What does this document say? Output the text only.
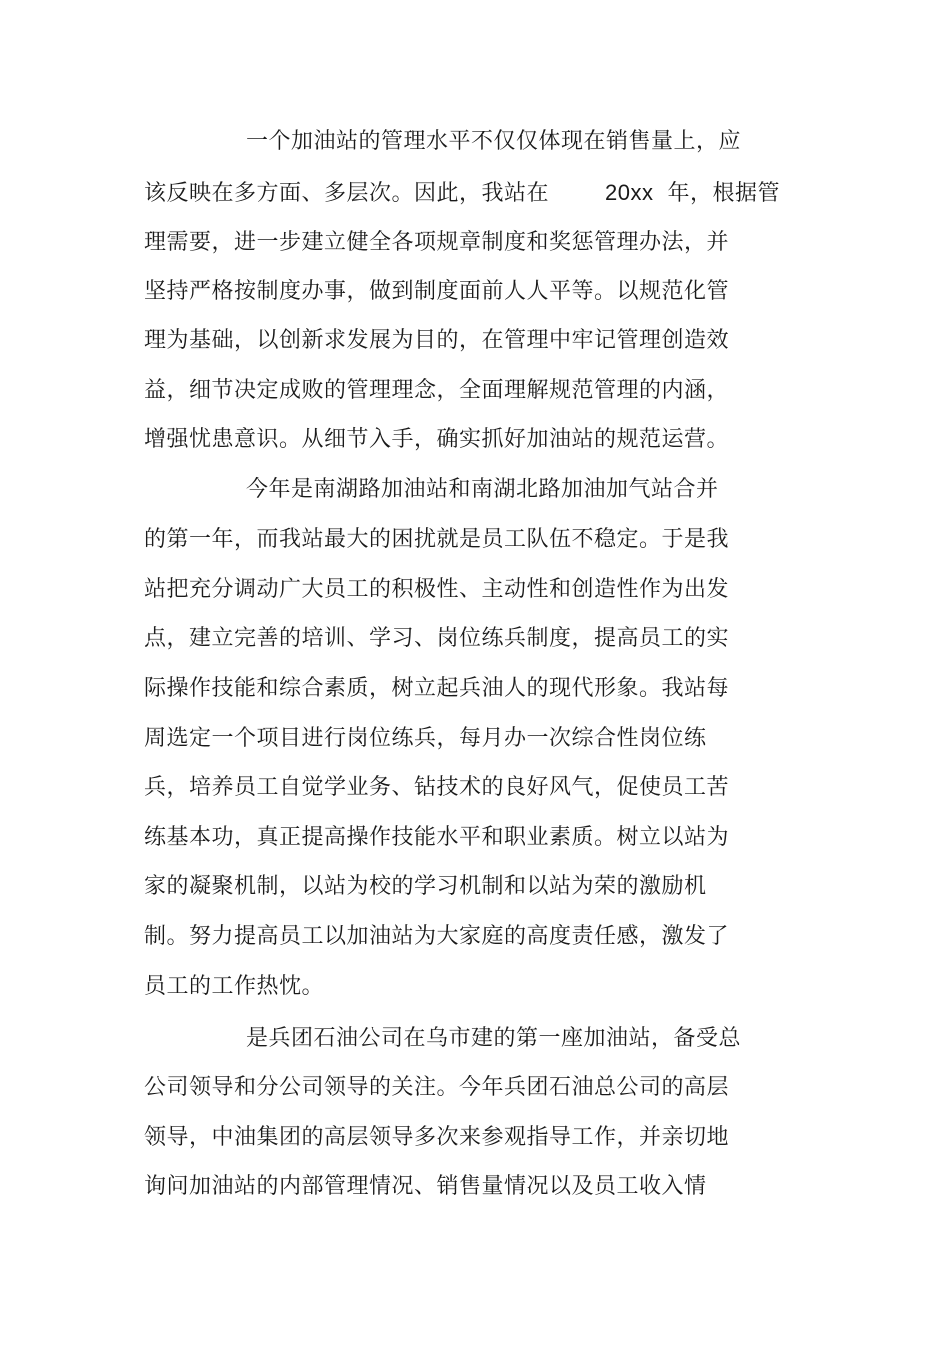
一个加油站的管理水平不仅仅体现在销售量上，应
该反映在多方面、多层次。因此，我站在	20xx 年，根据管
理需要，进一步建立健全各项规章制度和奖惩管理办法，并
坚持严格按制度办事，做到制度面前人人平等。以规范化管
理为基础，以创新求发展为目的，在管理中牢记管理创造效
益，细节决定成败的管理理念，全面理解规范管理的内涵，
增强忧患意识。从细节入手，确实抓好加油站的规范运营。
今年是南湖路加油站和南湖北路加油加气站合并
的第一年，而我站最大的困扰就是员工队伍不稳定。于是我
站把充分调动广大员工的积极性、主动性和创造性作为出发
点，建立完善的培训、学习、岗位练兵制度，提高员工的实
际操作技能和综合素质，树立起兵油人的现代形象。我站每
周选定一个项目进行岗位练兵，每月办一次综合性岗位练
兵，培养员工自觉学业务、钻技术的良好风气，促使员工苦
练基本功，真正提高操作技能水平和职业素质。树立以站为
家的凝聚机制，以站为校的学习机制和以站为荣的激励机
制。努力提高员工以加油站为大家庭的高度责任感，激发了
员工的工作热忱。
是兵团石油公司在乌市建的第一座加油站，备受总
公司领导和分公司领导的关注。今年兵团石油总公司的高层
领导，中油集团的高层领导多次来参观指导工作，并亲切地
询问加油站的内部管理情况、销售量情况以及员工收入情
